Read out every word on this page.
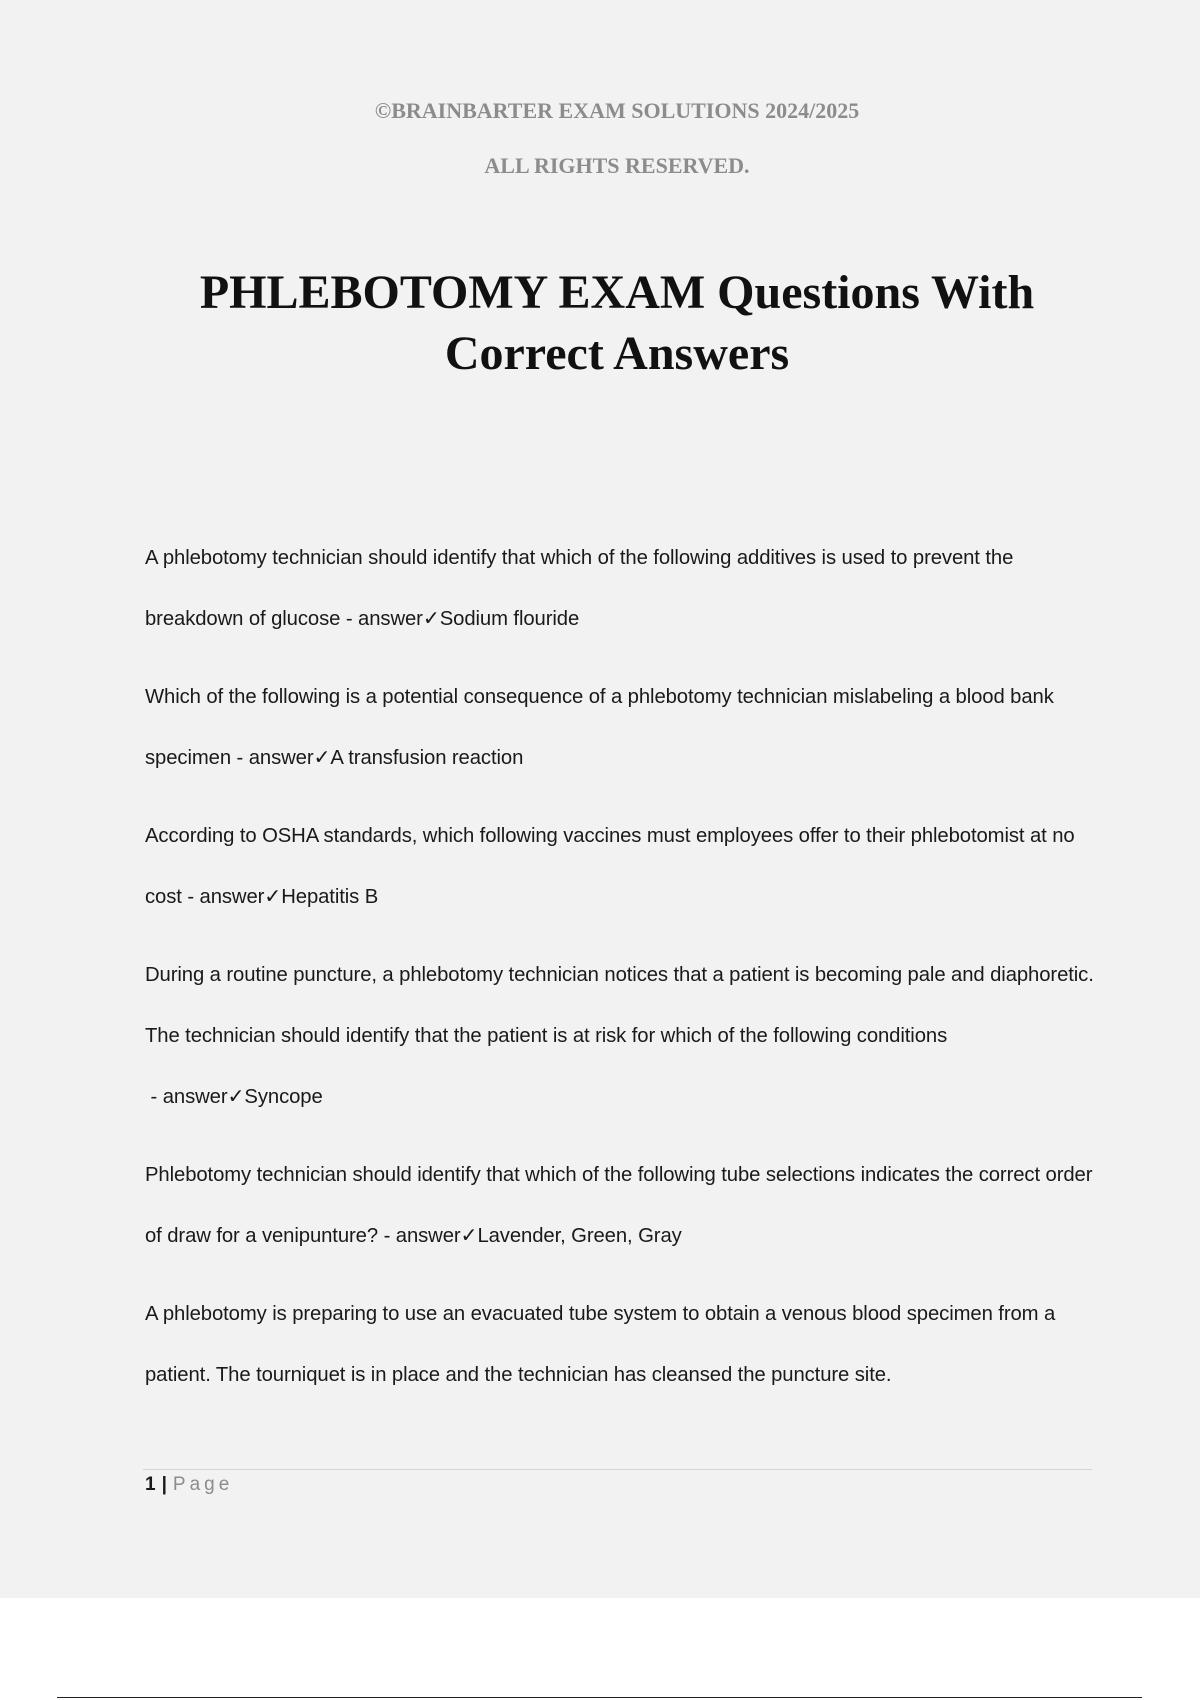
©BRAINBARTER EXAM SOLUTIONS 2024/2025

ALL RIGHTS RESERVED.

PHLEBOTOMY EXAM Questions With
Correct Answers
A phlebotomy technician should identify that which of the following additives is used to prevent the breakdown of glucose - answer✓Sodium flouride
Which of the following is a potential consequence of a phlebotomy technician mislabeling a blood bank specimen - answer✓A transfusion reaction
According to OSHA standards, which following vaccines must employees offer to their phlebotomist at no cost - answer✓Hepatitis B
During a routine puncture, a phlebotomy technician notices that a patient is becoming pale and diaphoretic. The technician should identify that the patient is at risk for which of the following conditions - answer✓Syncope
Phlebotomy technician should identify that which of the following tube selections indicates the correct order of draw for a venipunture? - answer✓Lavender, Green, Gray
A phlebotomy is preparing to use an evacuated tube system to obtain a venous blood specimen from a patient. The tourniquet is in place and the technician has cleansed the puncture site.
1 | Page
